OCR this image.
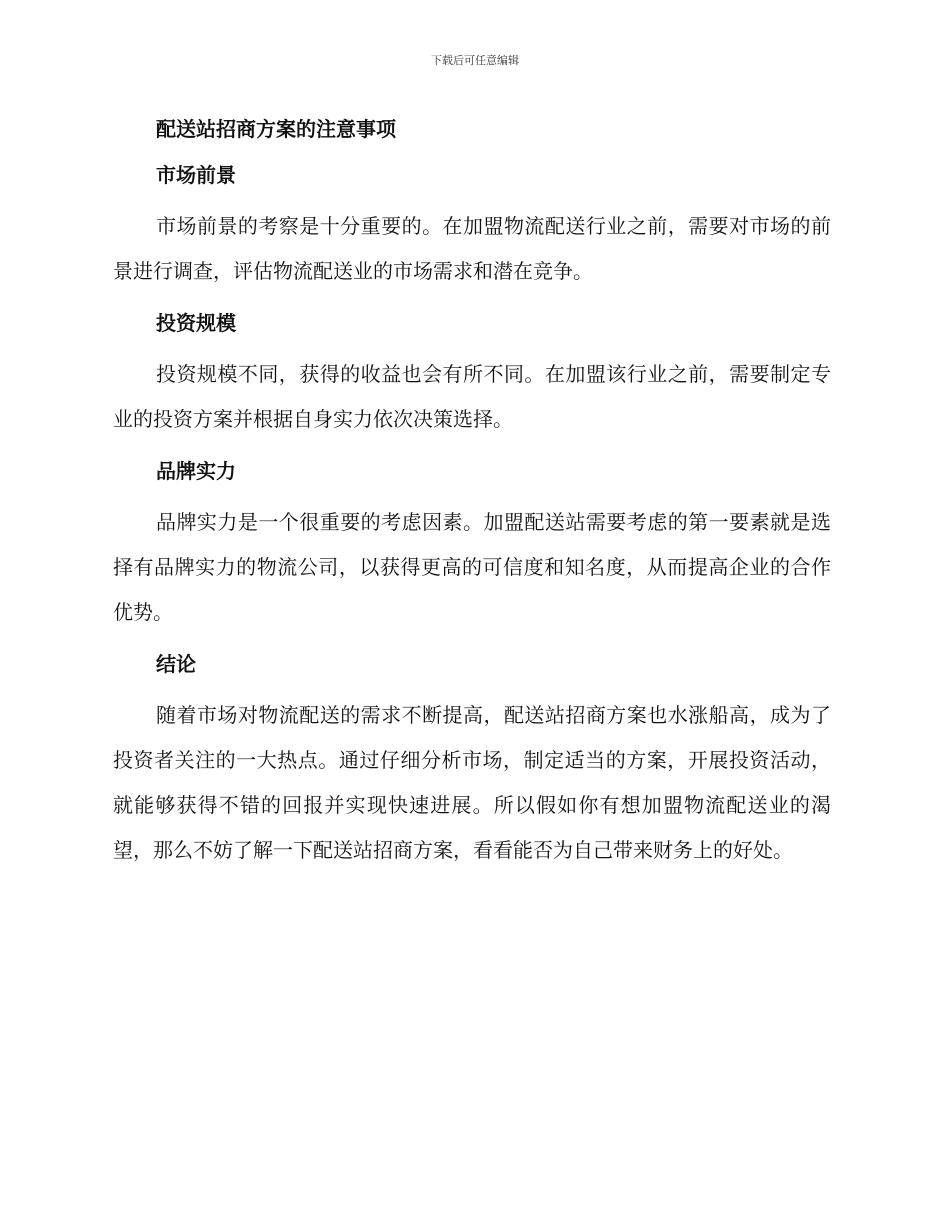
下载后可任意编辑
配送站招商方案的注意事项
市场前景

市场前景的考察是十分重要的。在加盟物流配送行业之前，需要对市场的前景进行调查，评估物流配送业的市场需求和潜在竞争。

投资规模

投资规模不同，获得的收益也会有所不同。在加盟该行业之前，需要制定专业的投资方案并根据自身实力依次决策选择。

品牌实力

品牌实力是一个很重要的考虑因素。加盟配送站需要考虑的第一要素就是选择有品牌实力的物流公司，以获得更高的可信度和知名度，从而提高企业的合作优势。

结论

随着市场对物流配送的需求不断提高，配送站招商方案也水涨船高，成为了投资者关注的一大热点。通过仔细分析市场，制定适当的方案，开展投资活动，就能够获得不错的回报并实现快速进展。所以假如你有想加盟物流配送业的渴望，那么不妨了解一下配送站招商方案，看看能否为自己带来财务上的好处。
